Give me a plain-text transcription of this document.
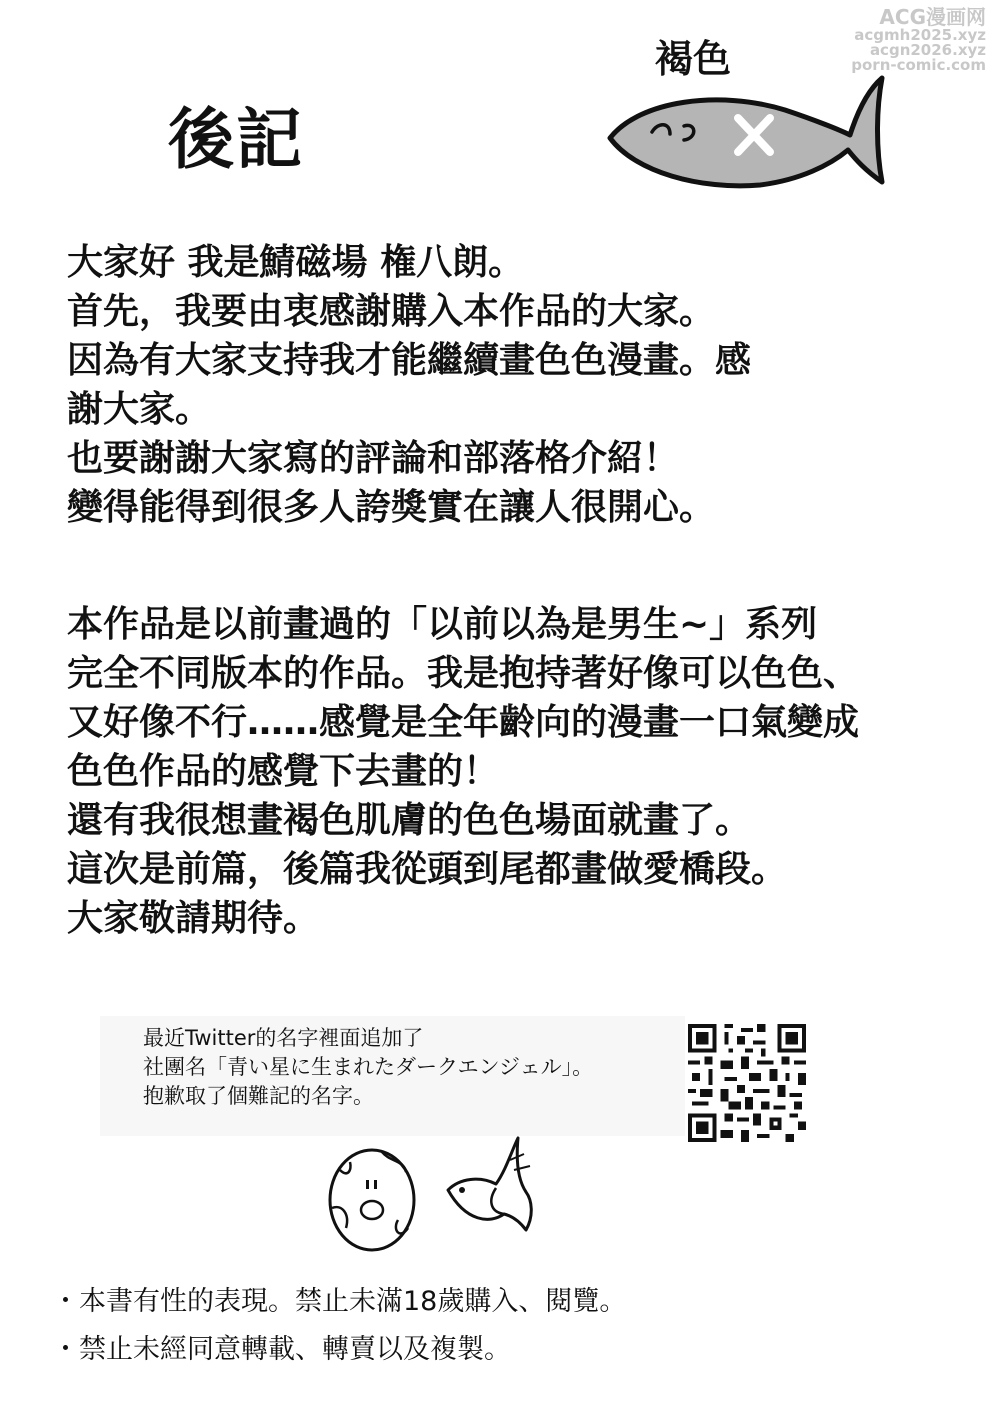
ACG漫画网
acgmh2025.xyz
acgn2026.xyz
porn-comic.com
後記
褐色
大家好 我是鯖磁場 権八朗。
首先，我要由衷感謝購入本作品的大家。
因為有大家支持我才能繼續畫色色漫畫。感
謝大家。
也要謝謝大家寫的評論和部落格介紹！
變得能得到很多人誇獎實在讓人很開心。
本作品是以前畫過的「以前以為是男生~」系列
完全不同版本的作品。我是抱持著好像可以色色、
又好像不行……感覺是全年齡向的漫畫一口氣變成
色色作品的感覺下去畫的！
還有我很想畫褐色肌膚的色色場面就畫了。
這次是前篇，後篇我從頭到尾都畫做愛橋段。
大家敬請期待。
最近Twitter的名字裡面追加了
社團名「青い星に生まれたダークエンジェル」。
抱歉取了個難記的名字。
・本書有性的表現。禁止未滿18歲購入、閱覽。
・禁止未經同意轉載、轉賣以及複製。
